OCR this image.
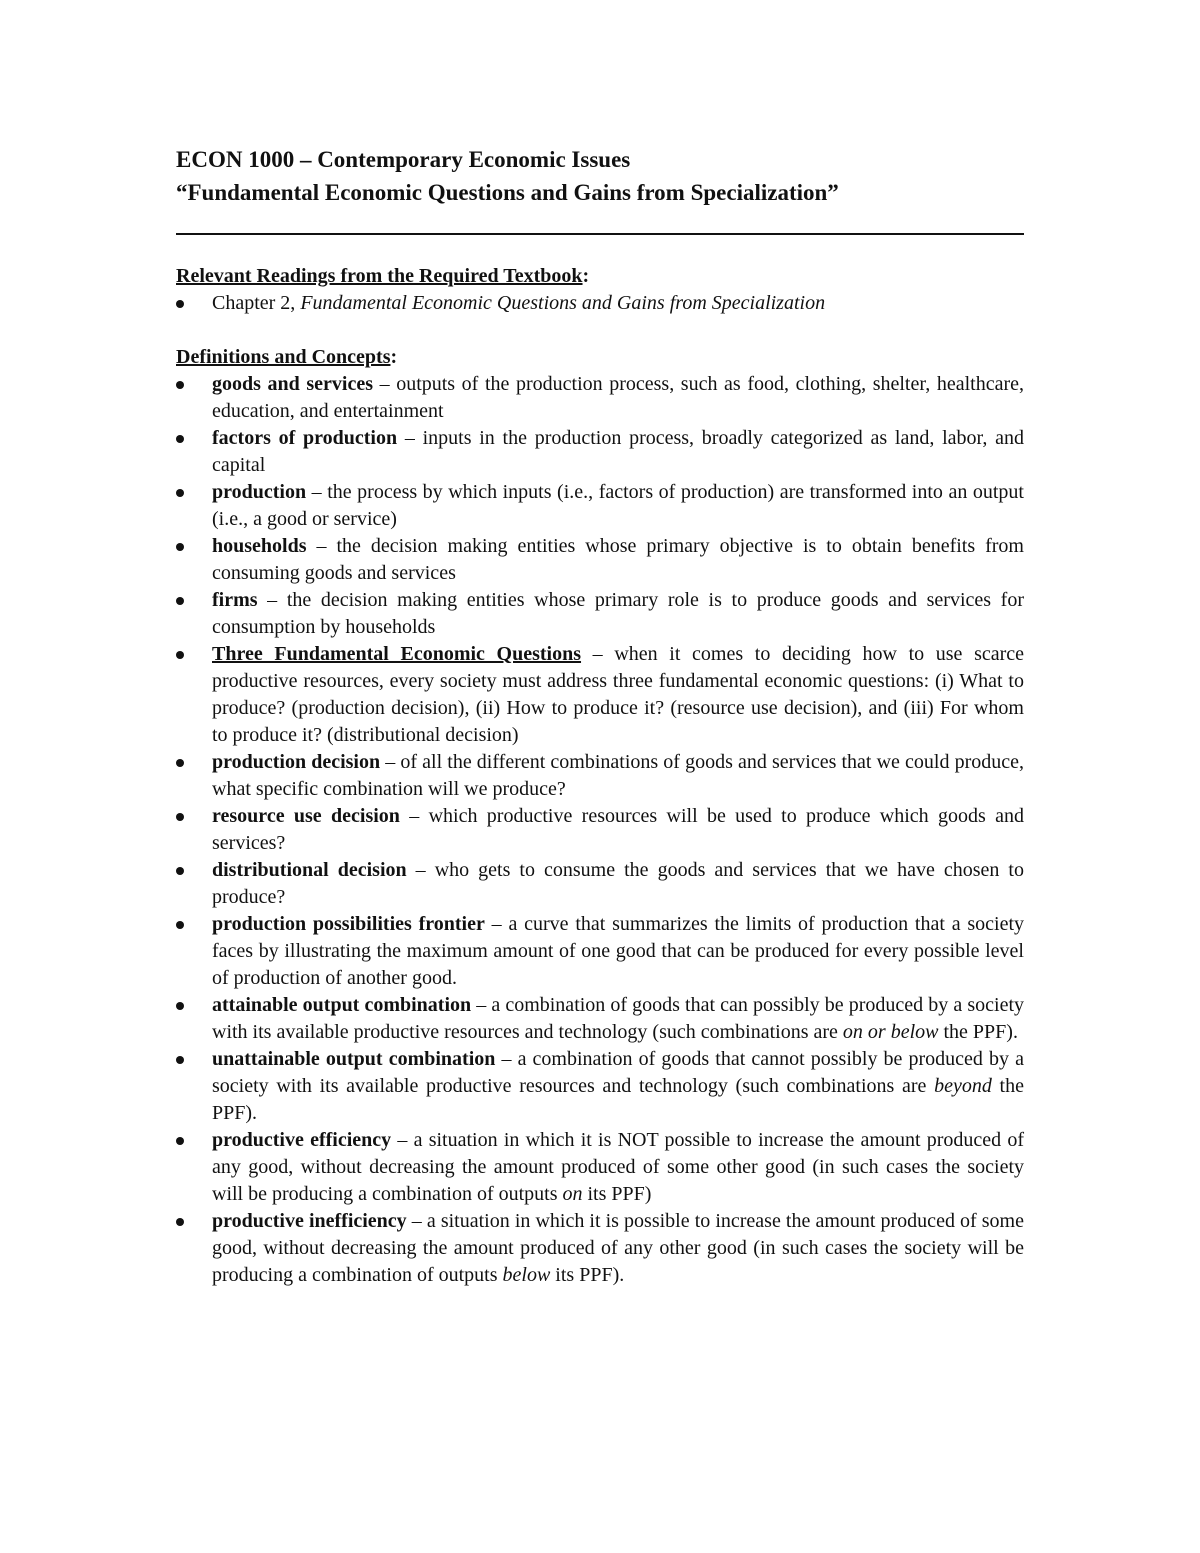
ECON 1000 – Contemporary Economic Issues

“Fundamental Economic Questions and Gains from Specialization”

Relevant Readings from the Required Textbook:

Chapter 2, Fundamental Economic Questions and Gains from Specialization

Definitions and Concepts:

goods and services – outputs of the production process, such as food, clothing, shelter, healthcare, education, and entertainment
factors of production – inputs in the production process, broadly categorized as land, labor, and capital
production – the process by which inputs (i.e., factors of production) are transformed into an output (i.e., a good or service)
households – the decision making entities whose primary objective is to obtain benefits from consuming goods and services
firms – the decision making entities whose primary role is to produce goods and services for consumption by households
Three Fundamental Economic Questions – when it comes to deciding how to use scarce productive resources, every society must address three fundamental economic questions: (i) What to produce? (production decision), (ii) How to produce it? (resource use decision), and (iii) For whom to produce it? (distributional decision)
production decision – of all the different combinations of goods and services that we could produce, what specific combination will we produce?
resource use decision – which productive resources will be used to produce which goods and services?
distributional decision – who gets to consume the goods and services that we have chosen to produce?
production possibilities frontier – a curve that summarizes the limits of production that a society faces by illustrating the maximum amount of one good that can be produced for every possible level of production of another good.
attainable output combination – a combination of goods that can possibly be produced by a society with its available productive resources and technology (such combinations are on or below the PPF).
unattainable output combination – a combination of goods that cannot possibly be produced by a society with its available productive resources and technology (such combinations are beyond the PPF).
productive efficiency – a situation in which it is NOT possible to increase the amount produced of any good, without decreasing the amount produced of some other good (in such cases the society will be producing a combination of outputs on its PPF)
productive inefficiency – a situation in which it is possible to increase the amount produced of some good, without decreasing the amount produced of any other good (in such cases the society will be producing a combination of outputs below its PPF).
